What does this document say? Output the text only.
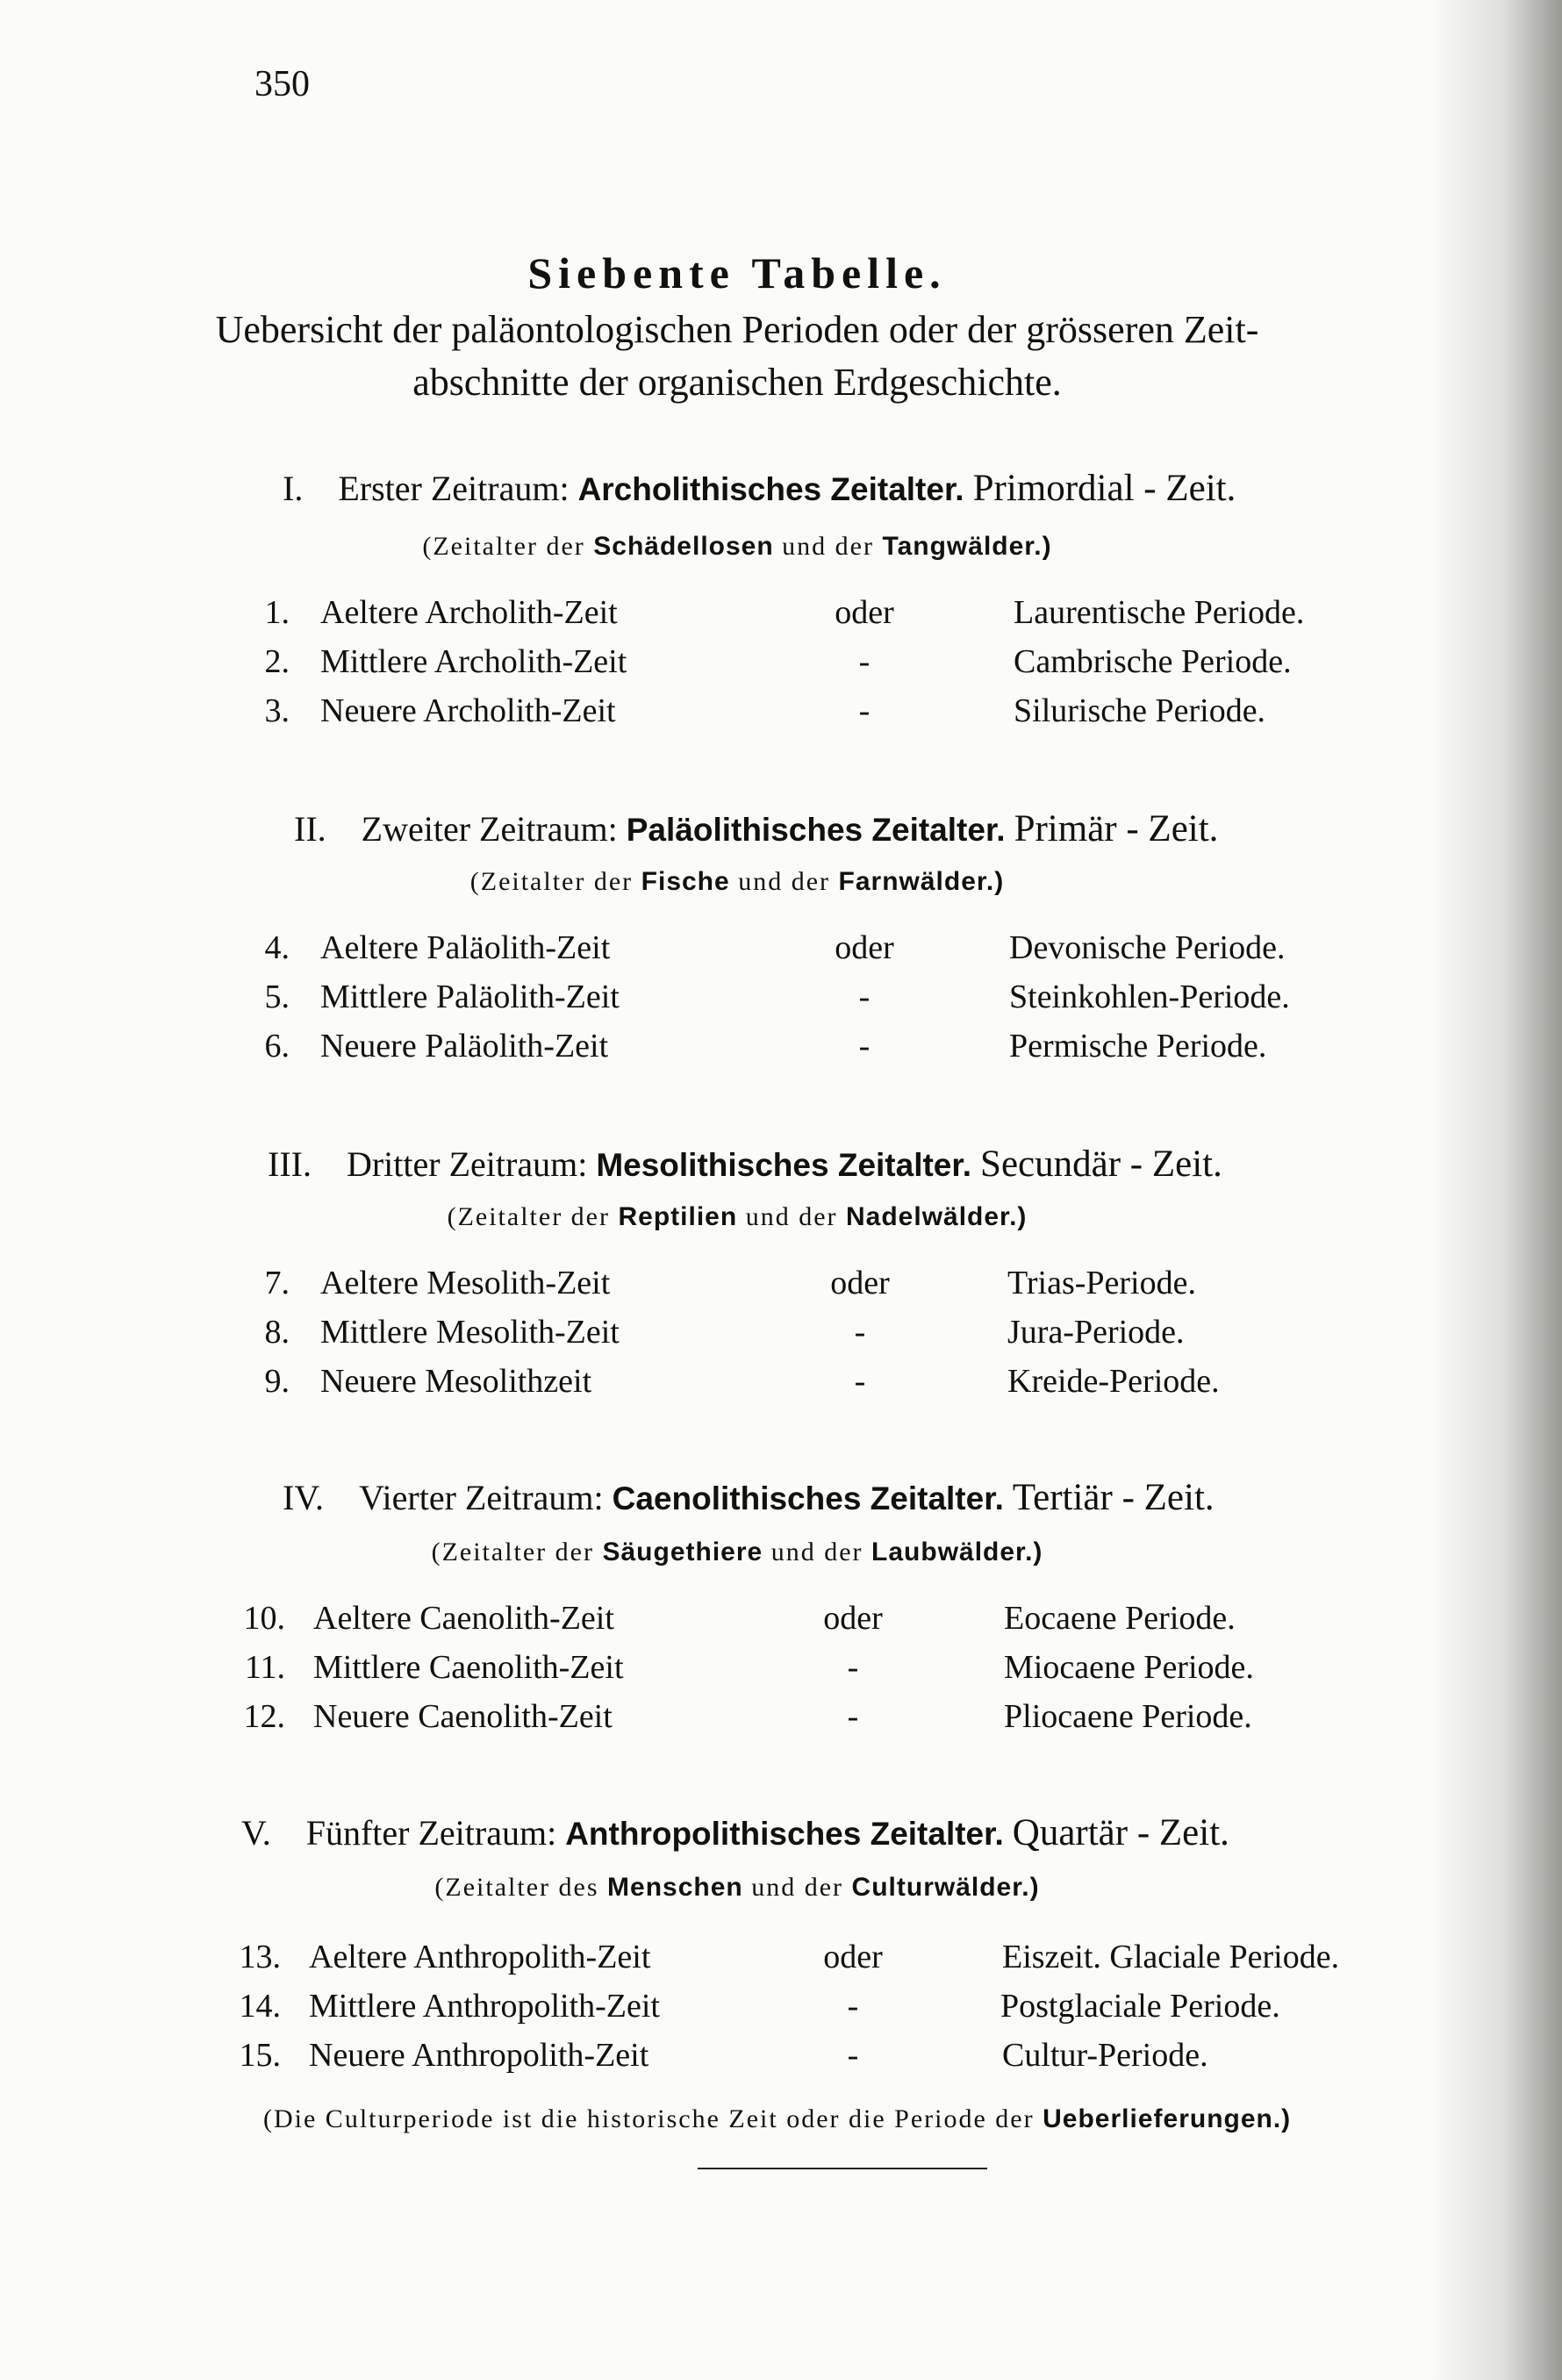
350
Siebente Tabelle.
Uebersicht der paläontologischen Perioden oder der grösseren Zeit-
abschnitte der organischen Erdgeschichte.
I. Erster Zeitraum: Archolithisches Zeitalter. Primordial - Zeit.
(Zeitalter der Schädellosen und der Tangwälder.)
1. Aeltere Archolith-Zeit	oder	Laurentische Periode.
2. Mittlere Archolith-Zeit	-	Cambrische Periode.
3. Neuere Archolith-Zeit	-	Silurische Periode.
II. Zweiter Zeitraum: Paläolithisches Zeitalter. Primär - Zeit.
(Zeitalter der Fische und der Farnwälder.)
4. Aeltere Paläolith-Zeit	oder	Devonische Periode.
5. Mittlere Paläolith-Zeit	-	Steinkohlen-Periode.
6. Neuere Paläolith-Zeit	-	Permische Periode.
III. Dritter Zeitraum: Mesolithisches Zeitalter. Secundär - Zeit.
(Zeitalter der Reptilien und der Nadelwälder.)
7. Aeltere Mesolith-Zeit	oder	Trias-Periode.
8. Mittlere Mesolith-Zeit	-	Jura-Periode.
9. Neuere Mesolithzeit	-	Kreide-Periode.
IV. Vierter Zeitraum: Caenolithisches Zeitalter. Tertiär - Zeit.
(Zeitalter der Säugethiere und der Laubwälder.)
10. Aeltere Caenolith-Zeit	oder	Eocaene Periode.
11. Mittlere Caenolith-Zeit	-	Miocaene Periode.
12. Neuere Caenolith-Zeit	-	Pliocaene Periode.
V. Fünfter Zeitraum: Anthropolithisches Zeitalter. Quartär - Zeit.
(Zeitalter des Menschen und der Culturwälder.)
13. Aeltere Anthropolith-Zeit	oder	Eiszeit. Glaciale Periode.
14. Mittlere Anthropolith-Zeit	-	Postglaciale Periode.
15. Neuere Anthropolith-Zeit	-	Cultur-Periode.
(Die Culturperiode ist die historische Zeit oder die Periode der Ueberlieferungen.)
